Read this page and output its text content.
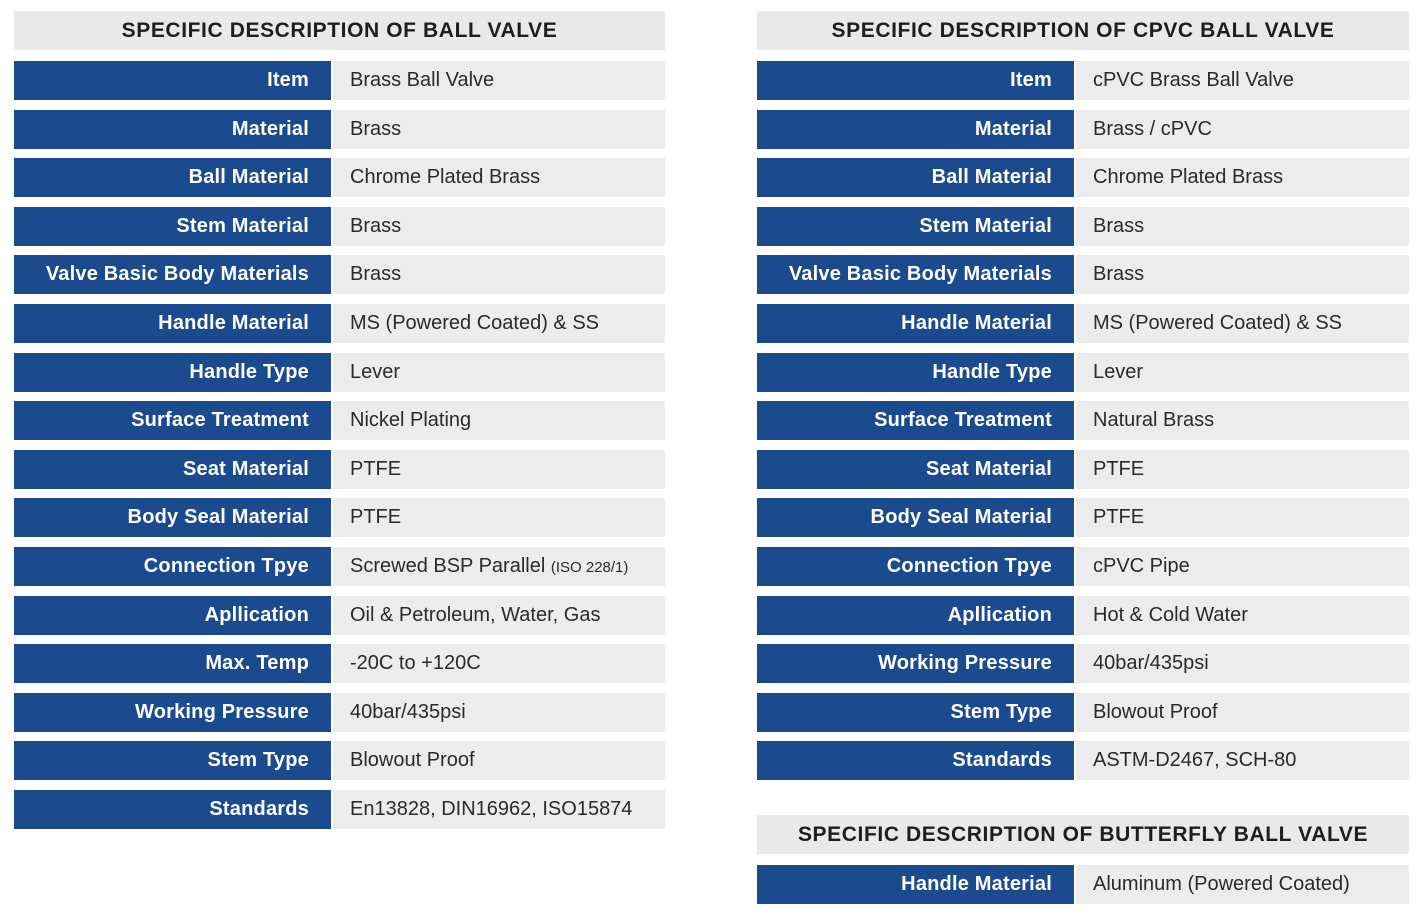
SPECIFIC DESCRIPTION OF BALL VALVE
Item	Brass Ball Valve
Material	Brass
Ball Material	Chrome Plated Brass
Stem Material	Brass
Valve Basic Body Materials	Brass
Handle Material	MS (Powered Coated) & SS
Handle Type	Lever
Surface Treatment	Nickel Plating
Seat Material	PTFE
Body Seal Material	PTFE
Connection Tpye	Screwed BSP Parallel (ISO 228/1)
Apllication	Oil & Petroleum, Water, Gas
Max. Temp	-20C to +120C
Working Pressure	40bar/435psi
Stem Type	Blowout Proof
Standards	En13828, DIN16962, ISO15874
SPECIFIC DESCRIPTION OF CPVC BALL VALVE
Item	cPVC Brass Ball Valve
Material	Brass / cPVC
Ball Material	Chrome Plated Brass
Stem Material	Brass
Valve Basic Body Materials	Brass
Handle Material	MS (Powered Coated) & SS
Handle Type	Lever
Surface Treatment	Natural Brass
Seat Material	PTFE
Body Seal Material	PTFE
Connection Tpye	cPVC Pipe
Apllication	Hot & Cold Water
Working Pressure	40bar/435psi
Stem Type	Blowout Proof
Standards	ASTM-D2467, SCH-80
SPECIFIC DESCRIPTION OF BUTTERFLY BALL VALVE
Handle Material	Aluminum (Powered Coated)
